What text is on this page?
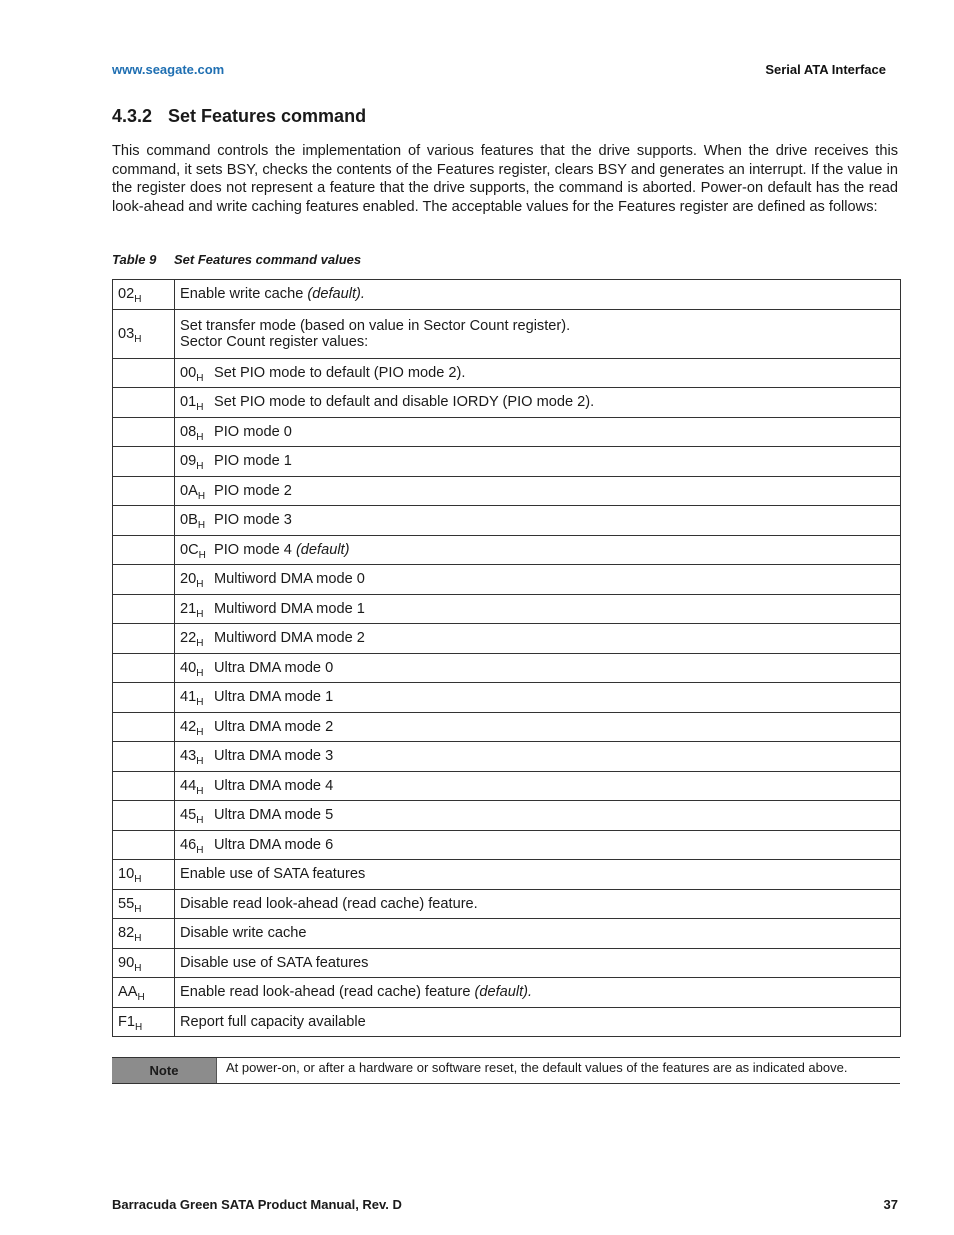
www.seagate.com	Serial ATA Interface
4.3.2 Set Features command

This command controls the implementation of various features that the drive supports. When the drive receives this command, it sets BSY, checks the contents of the Features register, clears BSY and generates an interrupt. If the value in the register does not represent a feature that the drive supports, the command is aborted. Power-on default has the read look-ahead and write caching features enabled. The acceptable values for the Features register are defined as follows:

Table 9 Set Features command values
$02_H$	Enable write cache (default).
$03_H$	Set transfer mode (based on value in Sector Count register).
Sector Count register values:
	$00_H$ Set PIO mode to default (PIO mode 2).
	$01_H$ Set PIO mode to default and disable IORDY (PIO mode 2).
	$08_H$ PIO mode 0
	$09_H$ PIO mode 1
	$0A_H$ PIO mode 2
	$0B_H$ PIO mode 3
	$0C_H$ PIO mode 4 (default)
	$20_H$ Multiword DMA mode 0
	$21_H$ Multiword DMA mode 1
	$22_H$ Multiword DMA mode 2
	$40_H$ Ultra DMA mode 0
	$41_H$ Ultra DMA mode 1
	$42_H$ Ultra DMA mode 2
	$43_H$ Ultra DMA mode 3
	$44_H$ Ultra DMA mode 4
	$45_H$ Ultra DMA mode 5
	$46_H$ Ultra DMA mode 6
$10_H$	Enable use of SATA features
$55_H$	Disable read look-ahead (read cache) feature.
$82_H$	Disable write cache
$90_H$	Disable use of SATA features
$AA_H$	Enable read look-ahead (read cache) feature (default).
$F1_H$	Report full capacity available
Note	At power-on, or after a hardware or software reset, the default values of the features are as indicated above.
Barracuda Green SATA Product Manual, Rev. D	37
